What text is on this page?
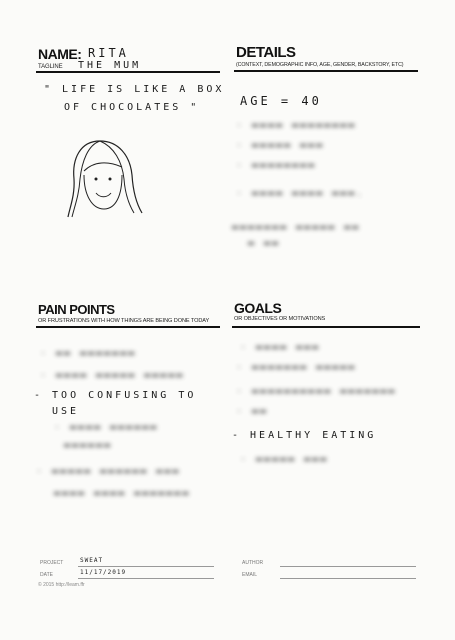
NAME: RITA
TAGLINE THE MUM
" LIFE IS LIKE A BOX
OF CHOCOLATES "
DETAILS
(CONTEXT, DEMOGRAPHIC INFO, AGE, GENDER, BACKSTORY, ETC)
AGE = 40
- ▬▬▬▬ ▬▬▬▬▬▬▬▬
- ▬▬▬▬▬ ▬▬▬
- ▬▬▬▬▬▬▬▬
- ▬▬▬▬ ▬▬▬▬ ▬▬▬.
▬▬▬▬▬▬▬ ▬▬▬▬▬ ▬▬
▬ ▬▬
PAIN POINTS
OR FRUSTRATIONS WITH HOW THINGS ARE BEING DONE TODAY
- ▬▬ ▬▬▬▬▬▬▬
- ▬▬▬▬ ▬▬▬▬▬ ▬▬▬▬▬
- TOO CONFUSING TO
USE
- ▬▬▬▬ ▬▬▬▬▬▬
▬▬▬▬▬▬
- ▬▬▬▬▬ ▬▬▬▬▬▬ ▬▬▬
▬▬▬▬ ▬▬▬▬ ▬▬▬▬▬▬▬
GOALS
OR OBJECTIVES OR MOTIVATIONS
- ▬▬▬▬ ▬▬▬
- ▬▬▬▬▬▬▬ ▬▬▬▬▬
- ▬▬▬▬▬▬▬▬▬▬ ▬▬▬▬▬▬▬
- ▬▬
- HEALTHY EATING
- ▬▬▬▬▬ ▬▬▬
PROJECT	SWEAT
DATE	11/17/2019
AUTHOR
EMAIL
© 2015 http://leam.ffr
